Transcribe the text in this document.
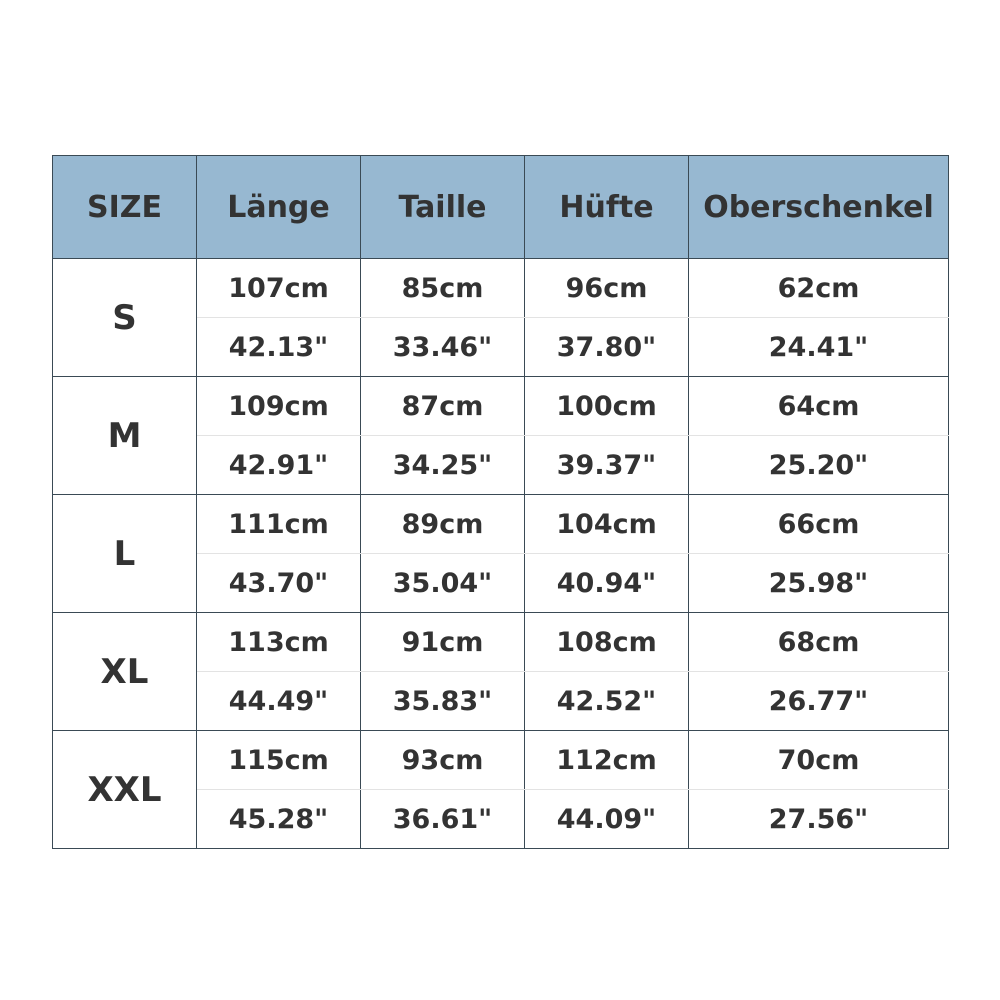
SIZE	Länge	Taille	Hüfte	Oberschenkel
S	107cm	85cm	96cm	62cm
	42.13"	33.46"	37.80"	24.41"
M	109cm	87cm	100cm	64cm
	42.91"	34.25"	39.37"	25.20"
L	111cm	89cm	104cm	66cm
	43.70"	35.04"	40.94"	25.98"
XL	113cm	91cm	108cm	68cm
	44.49"	35.83"	42.52"	26.77"
XXL	115cm	93cm	112cm	70cm
	45.28"	36.61"	44.09"	27.56"
